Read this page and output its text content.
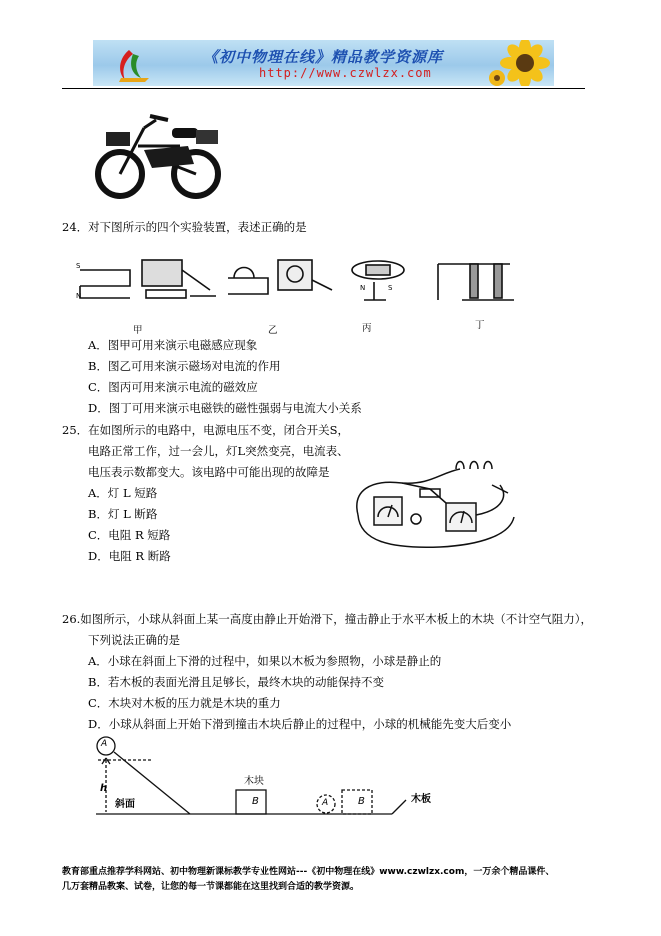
《初中物理在线》精品教学资源库
http://www.czwlzx.com
24．对下图所示的四个实验装置，表述正确的是
S
N
N	S
甲	乙	丙	丁
A．图甲可用来演示电磁感应现象
B．图乙可用来演示磁场对电流的作用
C．图丙可用来演示电流的磁效应
D．图丁可用来演示电磁铁的磁性强弱与电流大小关系
25．在如图所示的电路中，电源电压不变，闭合开关S，
电路正常工作，过一会儿，灯L突然变亮，电流表、
电压表示数都变大。该电路中可能出现的故障是
A．灯 L 短路
B．灯 L 断路
C．电阻 R 短路
D．电阻 R 断路
26.如图所示，小球从斜面上某一高度由静止开始滑下，撞击静止于水平木板上的木块（不计空气阻力），
下列说法正确的是
A．小球在斜面上下滑的过程中，如果以木板为参照物，小球是静止的
B．若木板的表面光滑且足够长，最终木块的动能保持不变
C．木块对木板的压力就是木块的重力
D．小球从斜面上开始下滑到撞击木块后静止的过程中，小球的机械能先变大后变小
A
h
斜面
木块
B	A	B	木板
教育部重点推荐学科网站、初中物理新课标教学专业性网站---《初中物理在线》www.czwlzx.com，一万余个精品课件、
几万套精品教案、试卷，让您的每一节课都能在这里找到合适的教学资源。
